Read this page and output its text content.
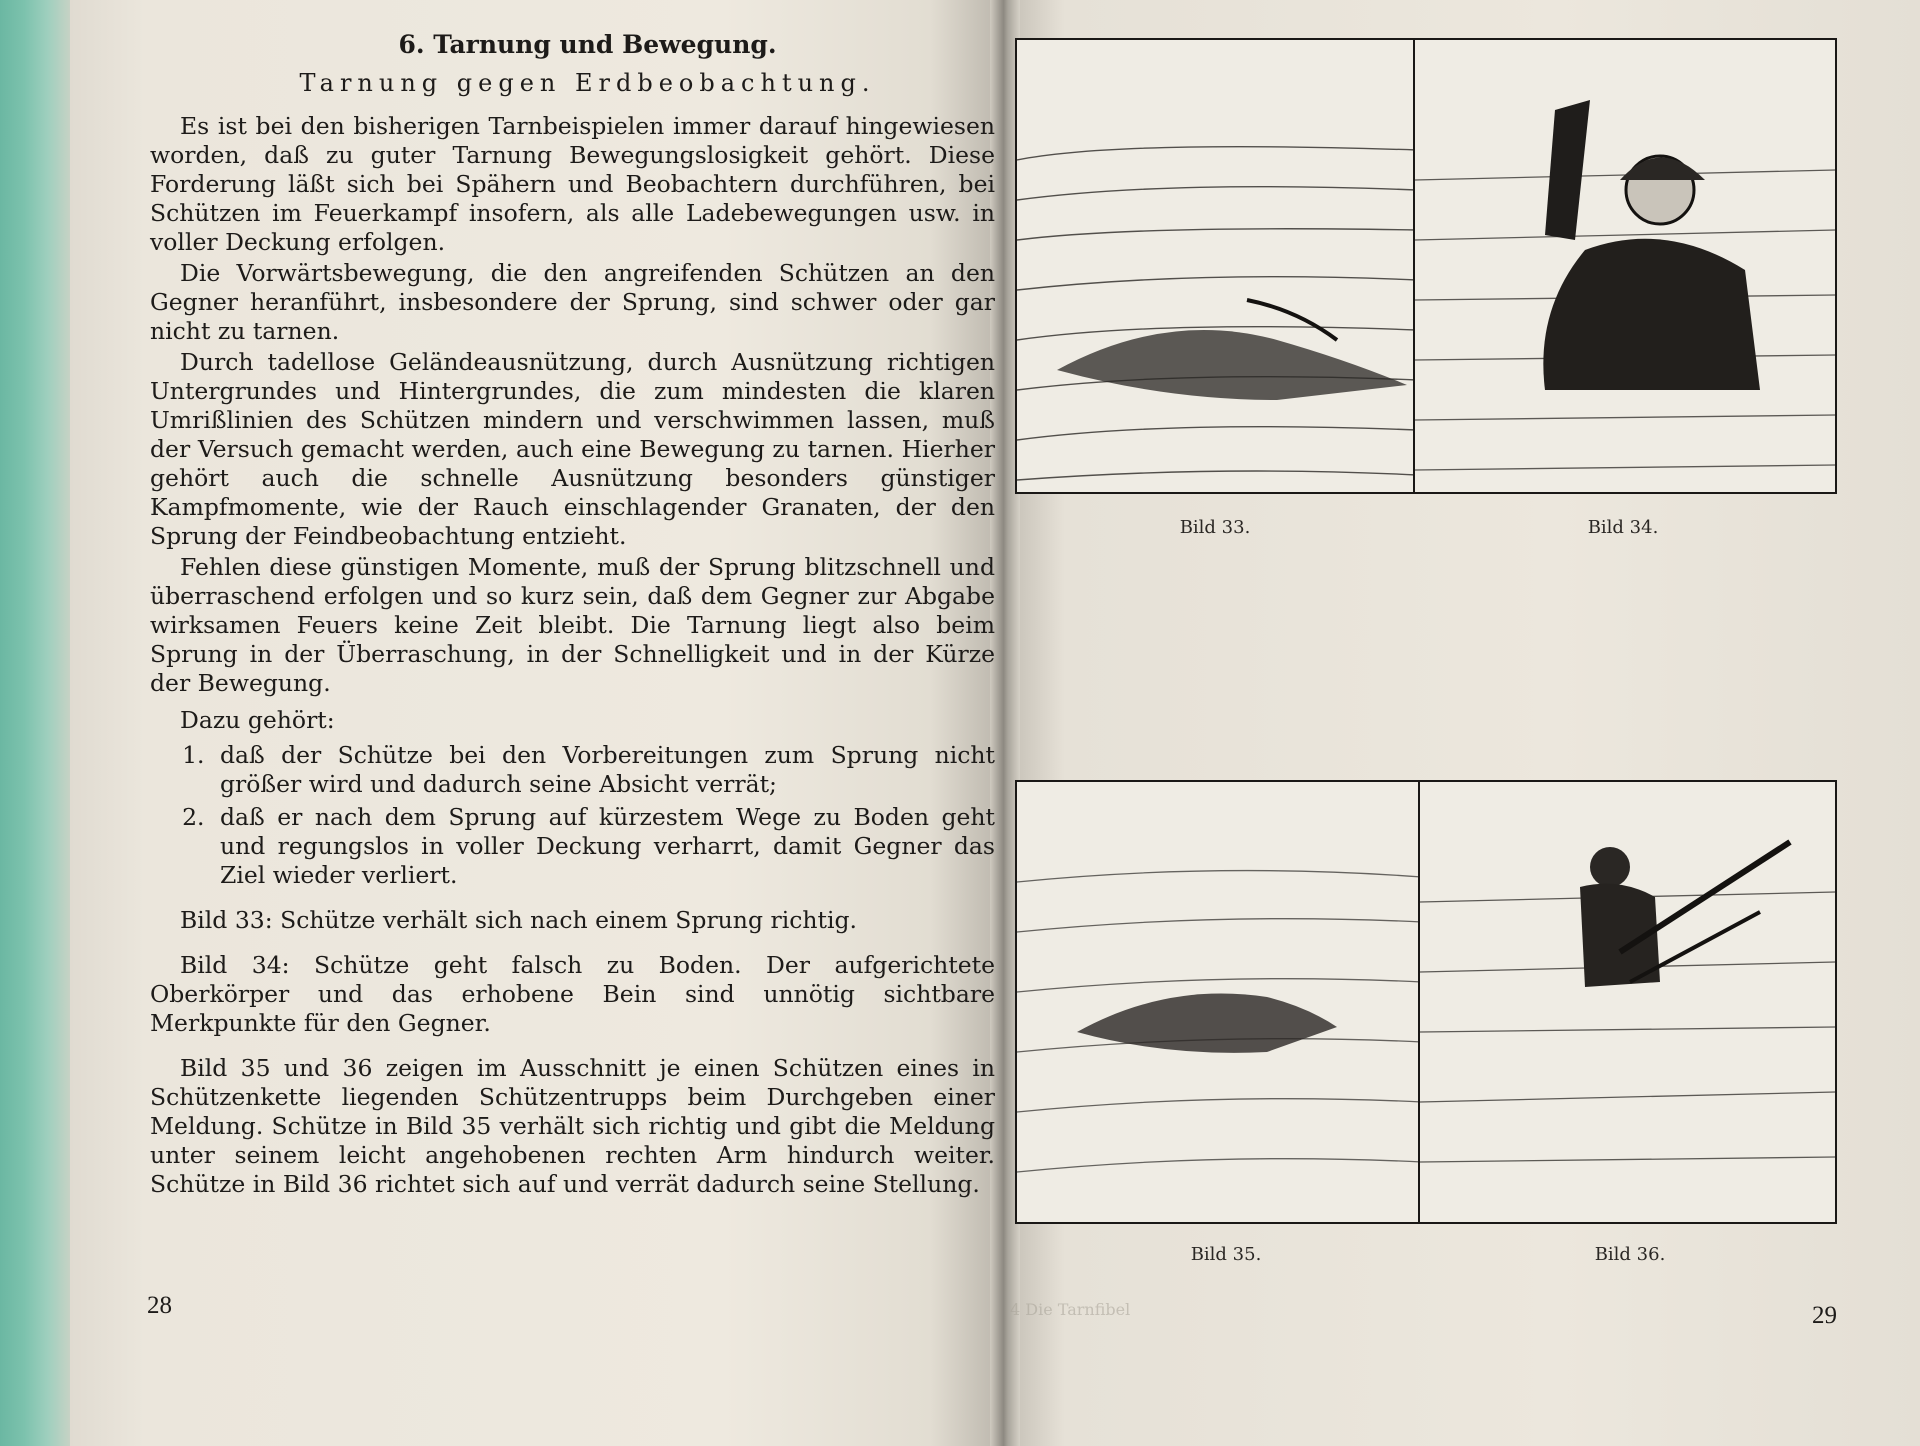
6. Tarnung und Bewegung.
Tarnung gegen Erdbeobachtung.

Es ist bei den bisherigen Tarnbeispielen immer darauf hingewiesen worden, daß zu guter Tarnung Bewegungslosigkeit gehört. Diese Forderung läßt sich bei Spähern und Beobachtern durchführen, bei Schützen im Feuerkampf insofern, als alle Ladebewegungen usw. in voller Deckung erfolgen.

Die Vorwärtsbewegung, die den angreifenden Schützen an den Gegner heranführt, insbesondere der Sprung, sind schwer oder gar nicht zu tarnen.

Durch tadellose Geländeausnützung, durch Ausnützung richtigen Untergrundes und Hintergrundes, die zum mindesten die klaren Umrißlinien des Schützen mindern und verschwimmen lassen, muß der Versuch gemacht werden, auch eine Bewegung zu tarnen. Hierher gehört auch die schnelle Ausnützung besonders günstiger Kampfmomente, wie der Rauch einschlagender Granaten, der den Sprung der Feindbeobachtung entzieht.

Fehlen diese günstigen Momente, muß der Sprung blitzschnell und überraschend erfolgen und so kurz sein, daß dem Gegner zur Abgabe wirksamen Feuers keine Zeit bleibt. Die Tarnung liegt also beim Sprung in der Überraschung, in der Schnelligkeit und in der Kürze der Bewegung.

Dazu gehört:

1. daß der Schütze bei den Vorbereitungen zum Sprung nicht größer wird und dadurch seine Absicht verrät;
2. daß er nach dem Sprung auf kürzestem Wege zu Boden geht und regungslos in voller Deckung verharrt, damit Gegner das Ziel wieder verliert.

Bild 33: Schütze verhält sich nach einem Sprung richtig.

Bild 34: Schütze geht falsch zu Boden. Der aufgerichtete Oberkörper und das erhobene Bein sind unnötig sichtbare Merkpunkte für den Gegner.

Bild 35 und 36 zeigen im Ausschnitt je einen Schützen eines in Schützenkette liegenden Schützentrupps beim Durchgeben einer Meldung. Schütze in Bild 35 verhält sich richtig und gibt die Meldung unter seinem leicht angehobenen rechten Arm hindurch weiter. Schütze in Bild 36 richtet sich auf und verrät dadurch seine Stellung.

28
Bild 33.	Bild 34.
Bild 35.	Bild 36.
4 Die Tarnfibel	29
